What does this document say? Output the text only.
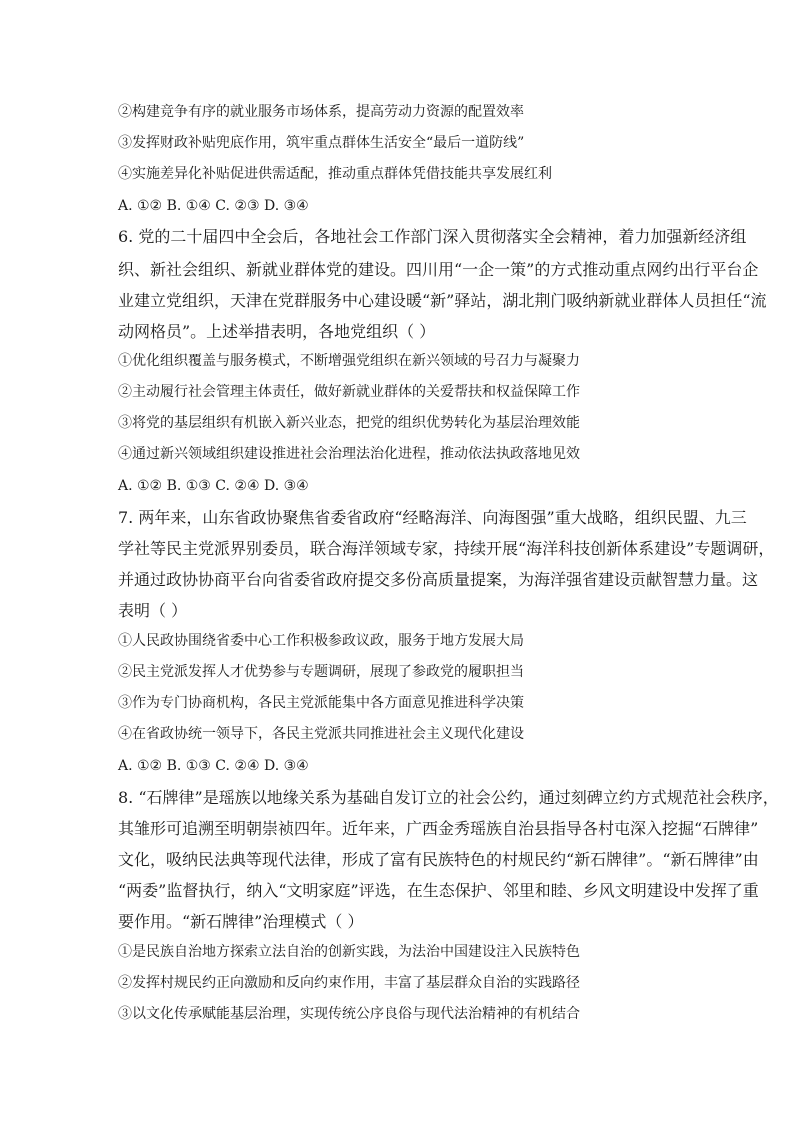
②构建竞争有序的就业服务市场体系，提高劳动力资源的配置效率
③发挥财政补贴兜底作用，筑牢重点群体生活安全“最后一道防线”
④实施差异化补贴促进供需适配，推动重点群体凭借技能共享发展红利
A. ①② B. ①④ C. ②③ D. ③④
6. 党的二十届四中全会后，各地社会工作部门深入贯彻落实全会精神，着力加强新经济组
织、新社会组织、新就业群体党的建设。四川用“一企一策”的方式推动重点网约出行平台企
业建立党组织，天津在党群服务中心建设暖“新”驿站，湖北荆门吸纳新就业群体人员担任“流
动网格员”。上述举措表明，各地党组织（ ）
①优化组织覆盖与服务模式，不断增强党组织在新兴领域的号召力与凝聚力
②主动履行社会管理主体责任，做好新就业群体的关爱帮扶和权益保障工作
③将党的基层组织有机嵌入新兴业态，把党的组织优势转化为基层治理效能
④通过新兴领域组织建设推进社会治理法治化进程，推动依法执政落地见效
A. ①② B. ①③ C. ②④ D. ③④
7. 两年来，山东省政协聚焦省委省政府“经略海洋、向海图强”重大战略，组织民盟、九三
学社等民主党派界别委员，联合海洋领域专家，持续开展“海洋科技创新体系建设”专题调研，
并通过政协协商平台向省委省政府提交多份高质量提案，为海洋强省建设贡献智慧力量。这
表明（ ）
①人民政协围绕省委中心工作积极参政议政，服务于地方发展大局
②民主党派发挥人才优势参与专题调研，展现了参政党的履职担当
③作为专门协商机构，各民主党派能集中各方面意见推进科学决策
④在省政协统一领导下，各民主党派共同推进社会主义现代化建设
A. ①② B. ①③ C. ②④ D. ③④
8. “石牌律”是瑶族以地缘关系为基础自发订立的社会公约，通过刻碑立约方式规范社会秩序，
其雏形可追溯至明朝崇祯四年。近年来，广西金秀瑶族自治县指导各村屯深入挖掘“石牌律”
文化，吸纳民法典等现代法律，形成了富有民族特色的村规民约“新石牌律”。“新石牌律”由
“两委”监督执行，纳入“文明家庭”评选，在生态保护、邻里和睦、乡风文明建设中发挥了重
要作用。“新石牌律”治理模式（ ）
①是民族自治地方探索立法自治的创新实践，为法治中国建设注入民族特色
②发挥村规民约正向激励和反向约束作用，丰富了基层群众自治的实践路径
③以文化传承赋能基层治理，实现传统公序良俗与现代法治精神的有机结合
